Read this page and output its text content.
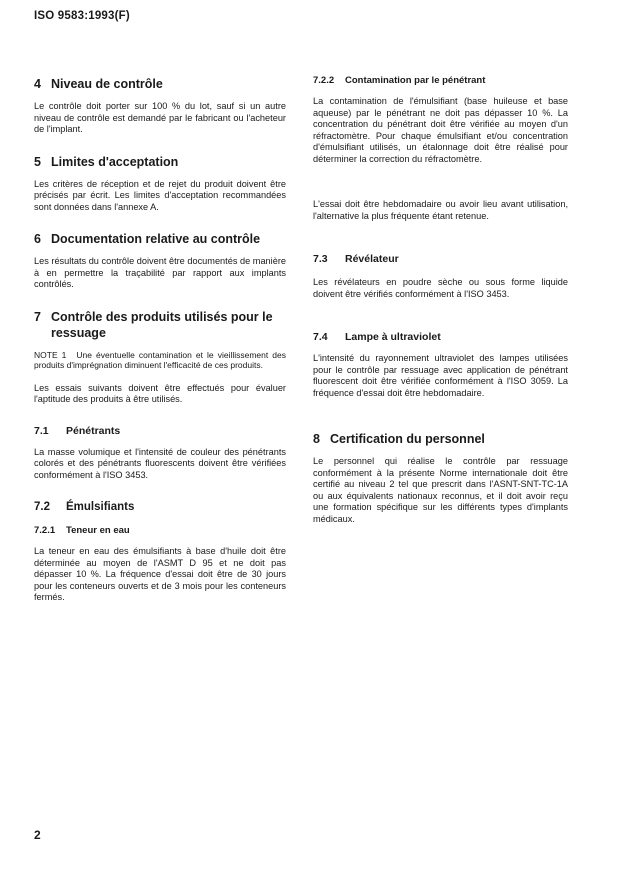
ISO 9583:1993(F)
4 Niveau de contrôle

Le contrôle doit porter sur 100 % du lot, sauf si un autre niveau de contrôle est demandé par le fabricant ou l'acheteur de l'implant.

5 Limites d'acceptation

Les critères de réception et de rejet du produit doivent être précisés par écrit. Les limites d'acceptation recommandées sont données dans l'annexe A.

6 Documentation relative au contrôle

Les résultats du contrôle doivent être documentés de manière à en permettre la traçabilité par rapport aux implants contrôlés.

7 Contrôle des produits utilisés pour le ressuage

NOTE 1 Une éventuelle contamination et le vieillissement des produits d'imprégnation diminuent l'efficacité de ces produits.

Les essais suivants doivent être effectués pour évaluer l'aptitude des produits à être utilisés.

7.1	Pénétrants

La masse volumique et l'intensité de couleur des pénétrants colorés et des pénétrants fluorescents doivent être vérifiées conformément à l'ISO 3453.

7.2	Émulsifiants
7.2.1	Teneur en eau

La teneur en eau des émulsifiants à base d'huile doit être déterminée au moyen de l'ASMT D 95 et ne doit pas dépasser 10 %. La fréquence d'essai doit être de 30 jours pour les conteneurs ouverts et de 3 mois pour les conteneurs fermés.

7.2.2	Contamination par le pénétrant

La contamination de l'émulsifiant (base huileuse et base aqueuse) par le pénétrant ne doit pas dépasser 10 %. La concentration du pénétrant doit être vérifiée au moyen d'un réfractomètre. Pour chaque émulsifiant et/ou concentration d'émulsifiant utilisés, un étalonnage doit être réalisé pour déterminer la correction du réfractomètre.

L'essai doit être hebdomadaire ou avoir lieu avant utilisation, l'alternative la plus fréquente étant retenue.

7.3	Révélateur

Les révélateurs en poudre sèche ou sous forme liquide doivent être vérifiés conformément à l'ISO 3453.

7.4	Lampe à ultraviolet

L'intensité du rayonnement ultraviolet des lampes utilisées pour le contrôle par ressuage avec application de pénétrant fluorescent doit être vérifiée conformément à l'ISO 3059. La fréquence d'essai doit être hebdomadaire.

8 Certification du personnel

Le personnel qui réalise le contrôle par ressuage conformément à la présente Norme internationale doit être certifié au niveau 2 tel que prescrit dans l'ASNT-SNT-TC-1A ou aux équivalents nationaux reconnus, et il doit avoir reçu une formation spécifique sur les différents types d'implants médicaux.

2
